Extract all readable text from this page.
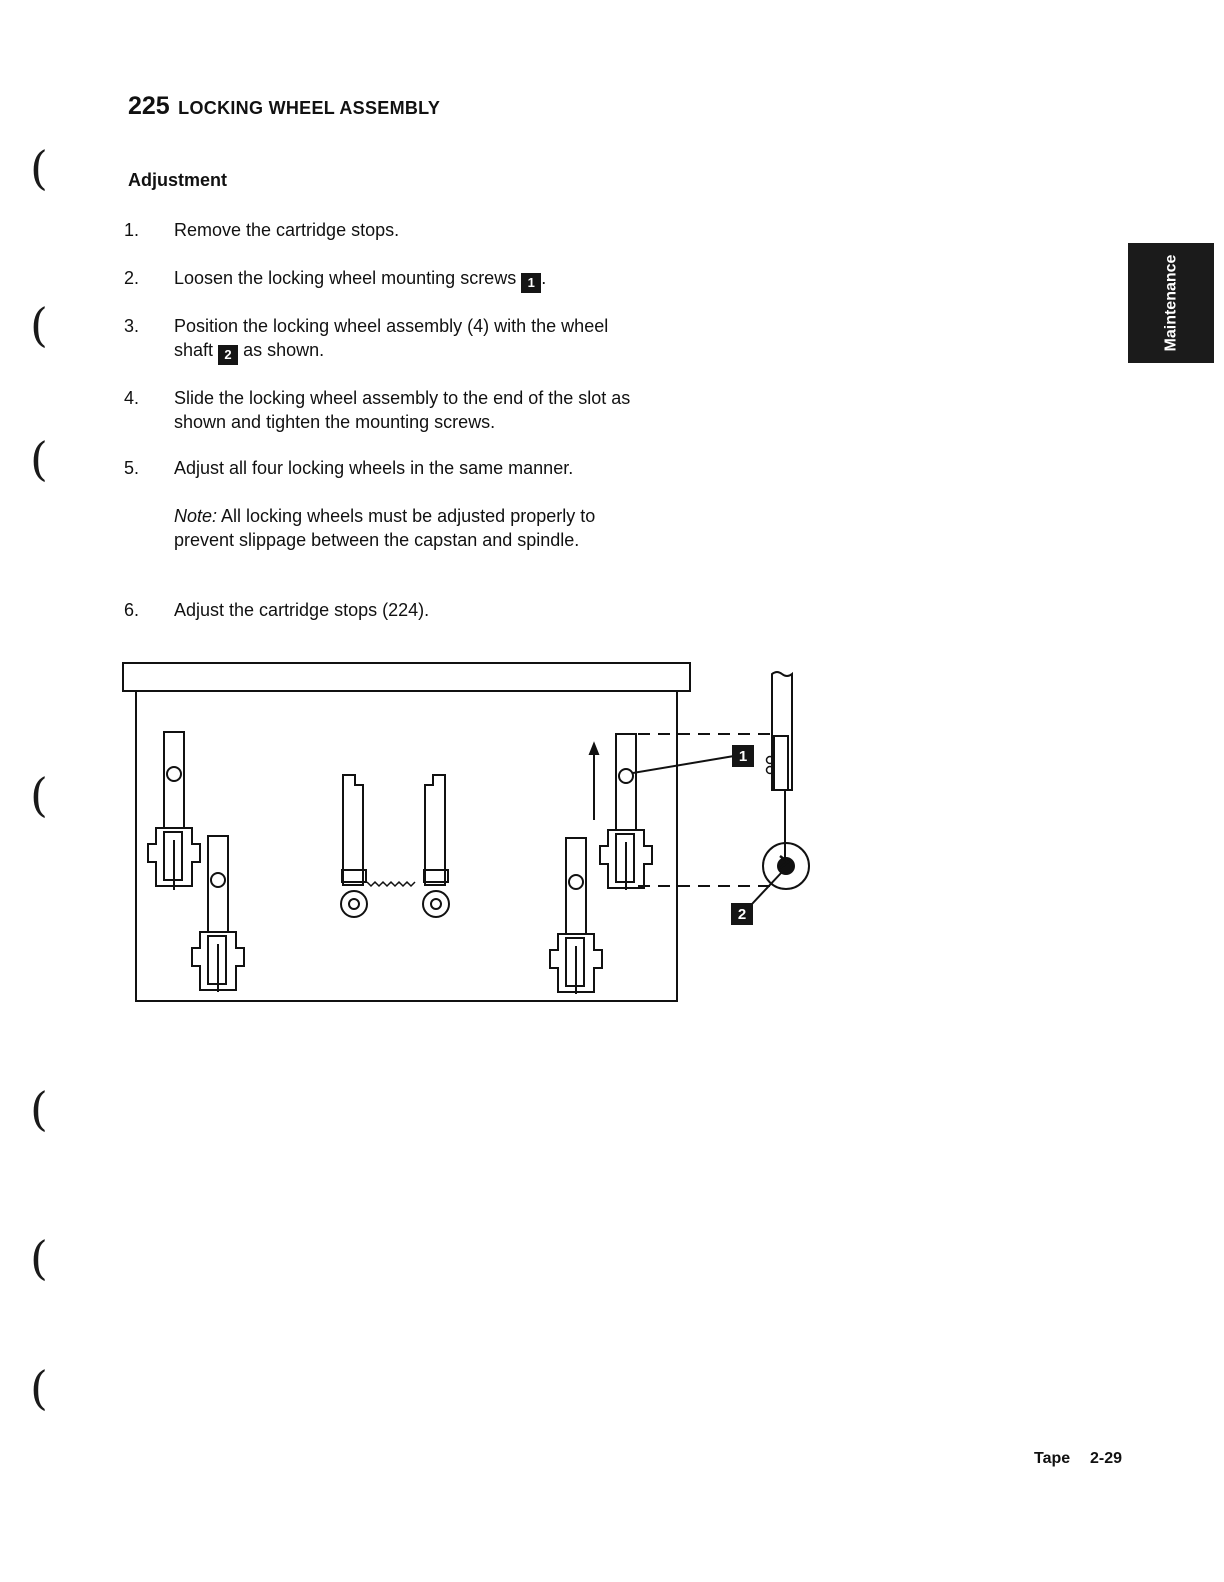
225 LOCKING WHEEL ASSEMBLY
Adjustment
1.	Remove the cartridge stops.
2.	Loosen the locking wheel mounting screws 1 .
3.	Position the locking wheel assembly (4) with the wheel shaft 2 as shown.
4.	Slide the locking wheel assembly to the end of the slot as shown and tighten the mounting screws.
5.	Adjust all four locking wheels in the same manner.
Note: All locking wheels must be adjusted properly to prevent slippage between the capstan and spindle.
6.	Adjust the cartridge stops (224).
Maintenance
(
(
(
(
(
(
(
1
2
Tape 2-29
